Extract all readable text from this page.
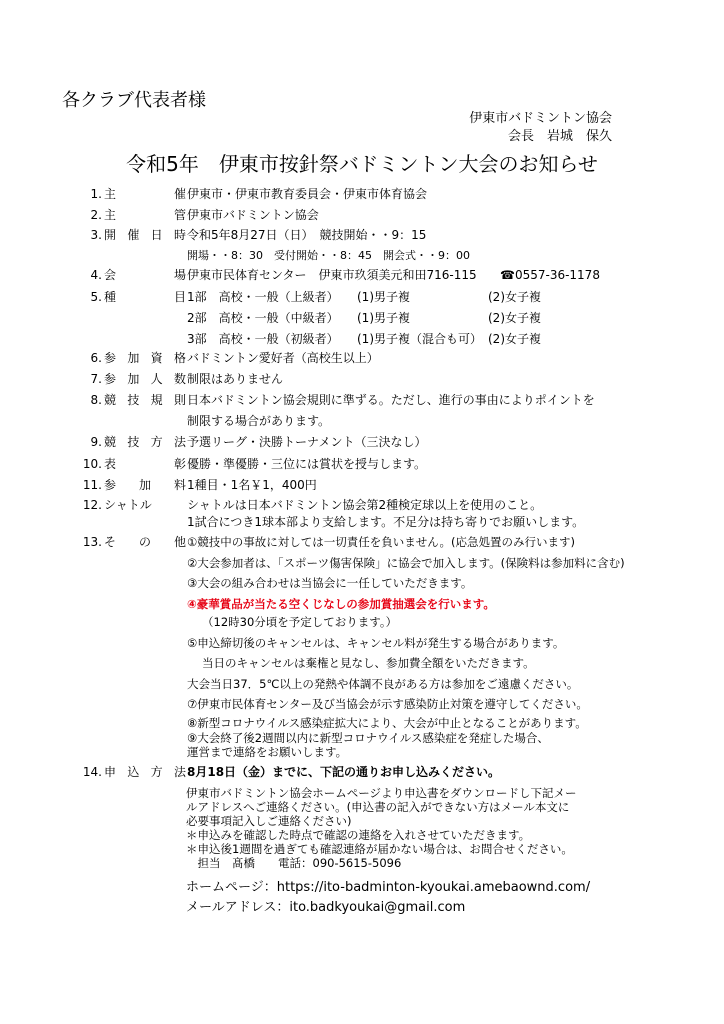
各クラブ代表者様
伊東市バドミントン協会
会長　岩城　保久
令和5年　伊東市按針祭バドミントン大会のお知らせ
1. 主　催 伊東市・伊東市教育委員会・伊東市体育協会
2. 主　管 伊東市バドミントン協会
3. 開催日時 令和5年8月27日（日）　競技開始・・9：15
開場・・8：30　受付開始・・8：45　開会式・・9：00
4. 会　場 伊東市民体育センター　伊東市玖須美元和田716-115 ☎0557-36-1178
5. 種　目 1部　高校・一般（上級者） (1)男子複	(2)女子複
2部　高校・一般（中級者） (1)男子複	(2)女子複
3部　高校・一般（初級者） (1)男子複（混合も可） (2)女子複
6. 参加資格 バドミントン愛好者（高校生以上）
7. 参加人数 制限はありません
8. 競技規則 日本バドミントン協会規則に準ずる。ただし、進行の事由によりポイントを
制限する場合があります。
9. 競技方法 予選リーグ・決勝トーナメント（三決なし）
10. 表　彰 優勝・準優勝・三位には賞状を授与します。
11. 参加料 1種目・1名￥1，400円
12. シャトル	シャトルは日本バドミントン協会第2種検定球以上を使用のこと。
1試合につき1球本部より支給します。不足分は持ち寄りでお願いします。
13. そ の 他 ①競技中の事故に対しては一切責任を負いません。(応急処置のみ行います)
②大会参加者は、「スポーツ傷害保険」に協会で加入します。(保険料は参加料に含む)
③大会の組み合わせは当協会に一任していただきます。
④豪華賞品が当たる空くじなしの参加賞抽選会を行います。
（12時30分頃を予定しております。）
⑤申込締切後のキャンセルは、キャンセル料が発生する場合があります。
当日のキャンセルは棄権と見なし、参加費全額をいただきます。
大会当日37．5℃以上の発熱や体調不良がある方は参加をご遠慮ください。
⑦伊東市民体育センター及び当協会が示す感染防止対策を遵守してください。
⑧新型コロナウイルス感染症拡大により、大会が中止となることがあります。
⑨大会終了後2週間以内に新型コロナウイルス感染症を発症した場合、
運営まで連絡をお願いします。
14. 申込方法 8月18日（金）までに、下記の通りお申し込みください。
伊東市バドミントン協会ホームページより申込書をダウンロードし下記メー
ルアドレスへご連絡ください。(申込書の記入ができない方はメール本文に
必要事項記入しご連絡ください)
＊申込みを確認した時点で確認の連絡を入れさせていただきます。
＊申込後1週間を過ぎても確認連絡が届かない場合は、お問合せください。
　担当　髙橋　　電話：090-5615-5096
ホームページ：https://ito-badminton-kyoukai.amebaownd.com/
メールアドレス：ito.badkyoukai@gmail.com
